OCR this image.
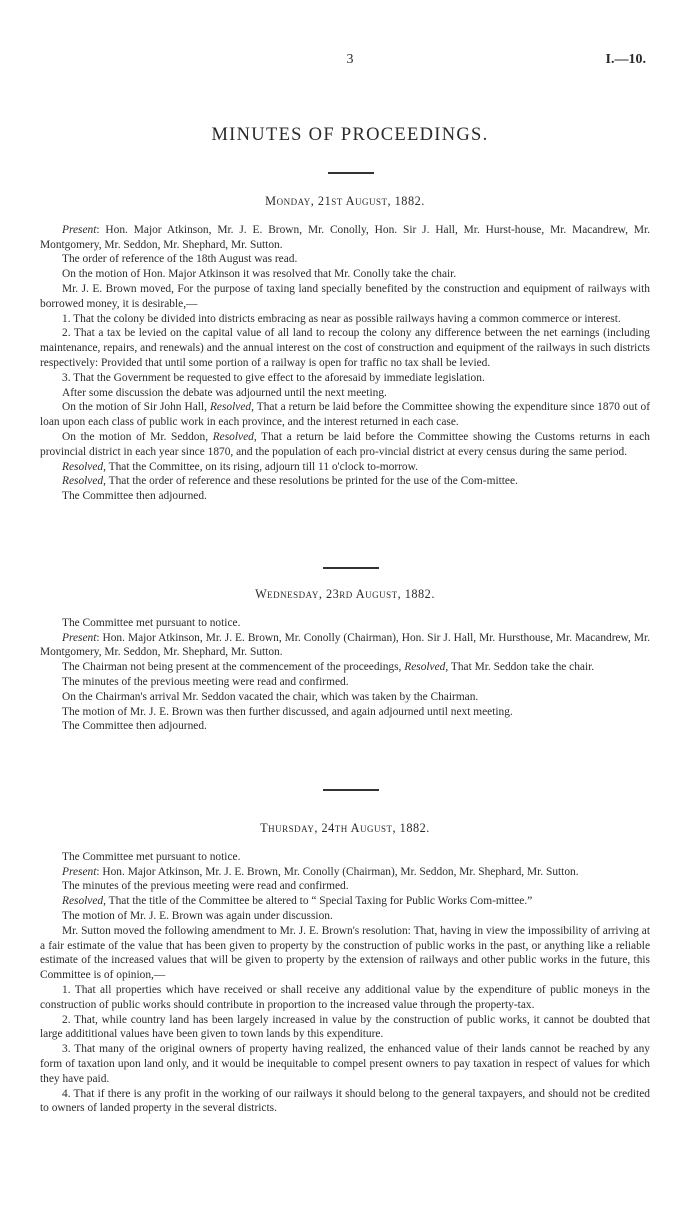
3	I.—10.
MINUTES OF PROCEEDINGS.
Monday, 21st August, 1882.

Present: Hon. Major Atkinson, Mr. J. E. Brown, Mr. Conolly, Hon. Sir J. Hall, Mr. Hurst-house, Mr. Macandrew, Mr. Montgomery, Mr. Seddon, Mr. Shephard, Mr. Sutton.

The order of reference of the 18th August was read.

On the motion of Hon. Major Atkinson it was resolved that Mr. Conolly take the chair.

Mr. J. E. Brown moved, For the purpose of taxing land specially benefited by the construction and equipment of railways with borrowed money, it is desirable,—

1. That the colony be divided into districts embracing as near as possible railways having a common commerce or interest.

2. That a tax be levied on the capital value of all land to recoup the colony any difference between the net earnings (including maintenance, repairs, and renewals) and the annual interest on the cost of construction and equipment of the railways in such districts respectively: Provided that until some portion of a railway is open for traffic no tax shall be levied.

3. That the Government be requested to give effect to the aforesaid by immediate legislation.

After some discussion the debate was adjourned until the next meeting.

On the motion of Sir John Hall, Resolved, That a return be laid before the Committee showing the expenditure since 1870 out of loan upon each class of public work in each province, and the interest returned in each case.

On the motion of Mr. Seddon, Resolved, That a return be laid before the Committee showing the Customs returns in each provincial district in each year since 1870, and the population of each pro-vincial district at every census during the same period.

Resolved, That the Committee, on its rising, adjourn till 11 o'clock to-morrow.

Resolved, That the order of reference and these resolutions be printed for the use of the Com-mittee.

The Committee then adjourned.

Wednesday, 23rd August, 1882.

The Committee met pursuant to notice.

Present: Hon. Major Atkinson, Mr. J. E. Brown, Mr. Conolly (Chairman), Hon. Sir J. Hall, Mr. Hursthouse, Mr. Macandrew, Mr. Montgomery, Mr. Seddon, Mr. Shephard, Mr. Sutton.

The Chairman not being present at the commencement of the proceedings, Resolved, That Mr. Seddon take the chair.

The minutes of the previous meeting were read and confirmed.

On the Chairman's arrival Mr. Seddon vacated the chair, which was taken by the Chairman.

The motion of Mr. J. E. Brown was then further discussed, and again adjourned until next meeting.

The Committee then adjourned.

Thursday, 24th August, 1882.

The Committee met pursuant to notice.

Present: Hon. Major Atkinson, Mr. J. E. Brown, Mr. Conolly (Chairman), Mr. Seddon, Mr. Shephard, Mr. Sutton.

The minutes of the previous meeting were read and confirmed.

Resolved, That the title of the Committee be altered to “ Special Taxing for Public Works Com-mittee.”

The motion of Mr. J. E. Brown was again under discussion.

Mr. Sutton moved the following amendment to Mr. J. E. Brown's resolution: That, having in view the impossibility of arriving at a fair estimate of the value that has been given to property by the construction of public works in the past, or anything like a reliable estimate of the increased values that will be given to property by the extension of railways and other public works in the future, this Committee is of opinion,—

1. That all properties which have received or shall receive any additional value by the expenditure of public moneys in the construction of public works should contribute in proportion to the increased value through the property-tax.

2. That, while country land has been largely increased in value by the construction of public works, it cannot be doubted that large addititional values have been given to town lands by this expenditure.

3. That many of the original owners of property having realized, the enhanced value of their lands cannot be reached by any form of taxation upon land only, and it would be inequitable to compel present owners to pay taxation in respect of values for which they have paid.

4. That if there is any profit in the working of our railways it should belong to the general taxpayers, and should not be credited to owners of landed property in the several districts.
